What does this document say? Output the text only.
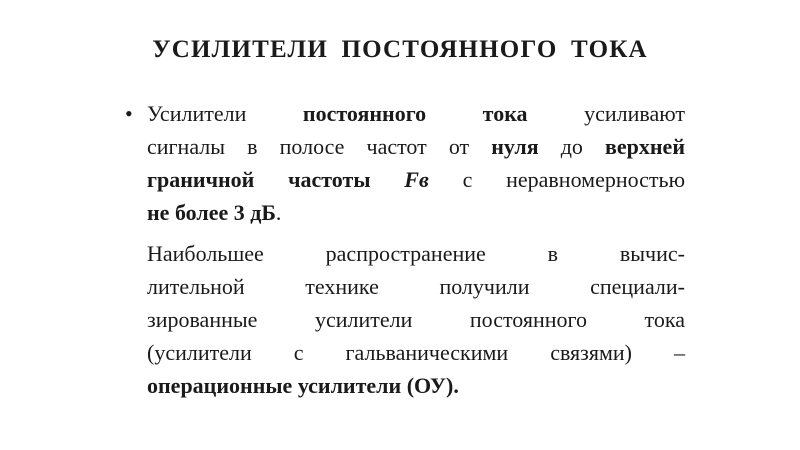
УСИЛИТЕЛИ ПОСТОЯННОГО ТОКА
• Усилители постоянного тока усиливают
сигналы в полосе частот от нуля до верхней
граничной частоты Fв с неравномерностью
не более 3 дБ.
Наибольшее распространение в вычис-
лительной технике получили специали-
зированные усилители постоянного тока
(усилители с гальваническими связями) –
операционные усилители (ОУ).
